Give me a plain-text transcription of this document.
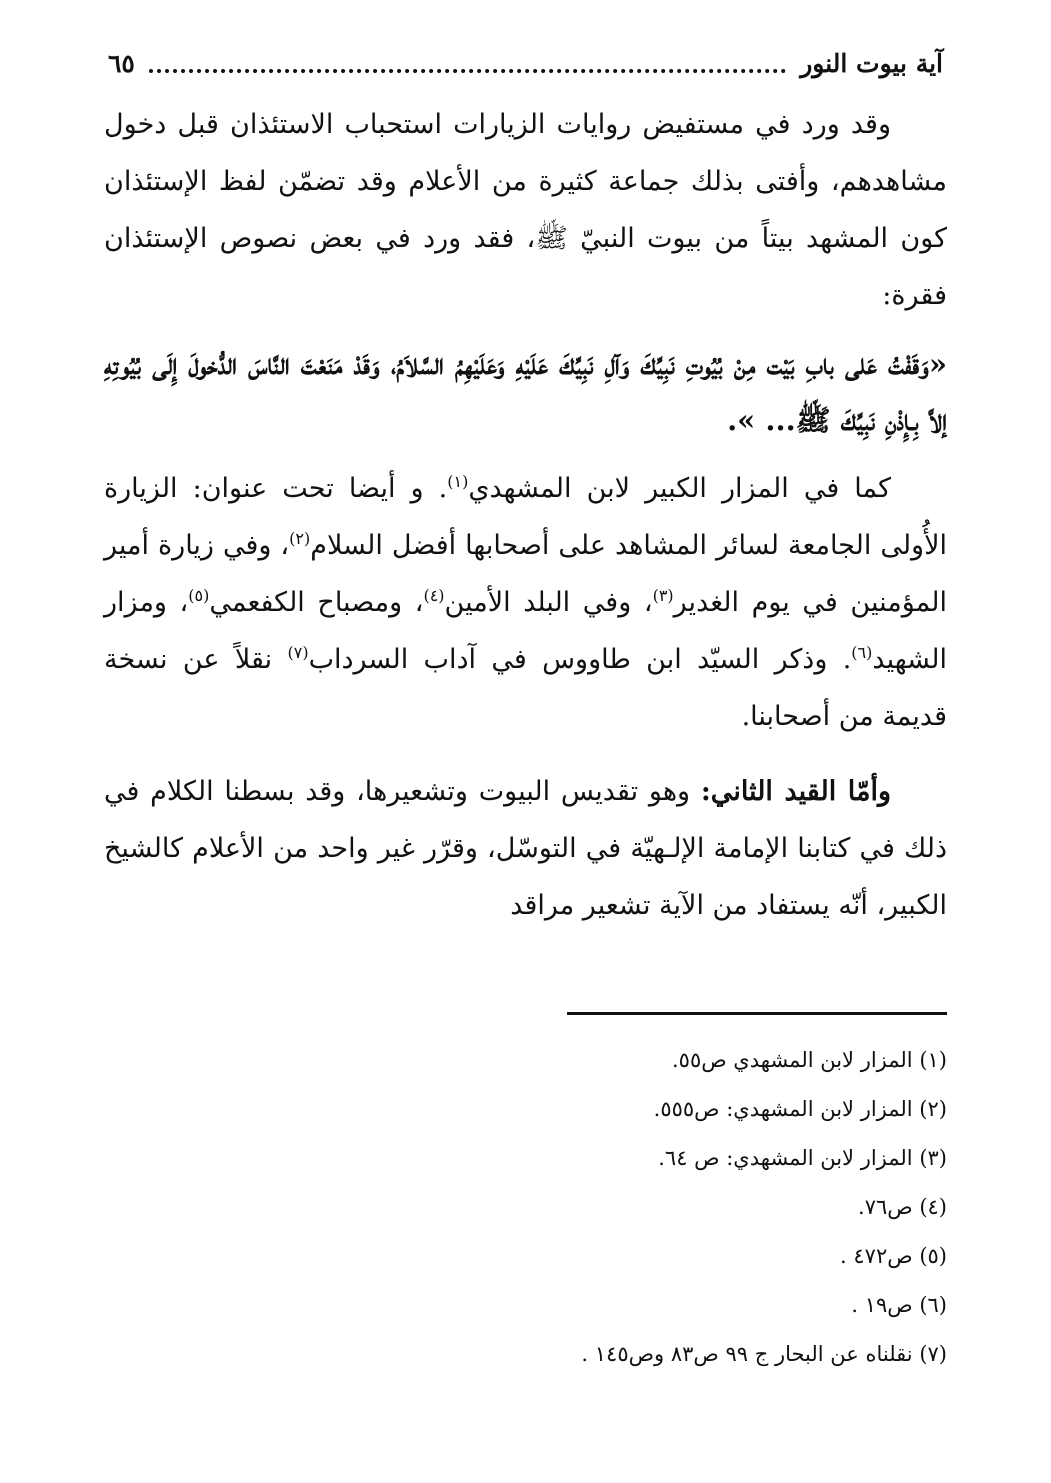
آية بيوت النور
٦٥

وقد ورد في مستفيض روايات الزيارات استحباب الاستئذان قبل دخول مشاهدهم، وأفتى بذلك جماعة كثيرة من الأعلام وقد تضمّن لفظ الإستئذان كون المشهد بيتاً من بيوت النبيّ ﷺ، فقد ورد في بعض نصوص الإستئذان فقرة:

«وَقَفْتُ عَلى بابِ بَيْت مِنْ بُيُوتِ نَبِيِّكَ وَآلِ نَبِيِّكَ عَلَيْهِ وَعَلَيْهِمُ السَّلاَمُ، وَقَدْ مَنَعْتَ النَّاسَ الدُّخولَ إِلَى بُيُوتِهِ إلاَّ بِـإِذْنِ نَبِيِّكَ ﷺ... ».

كما في المزار الكبير لابن المشهدي$^{(١)}$. و أيضا تحت عنوان: الزيارة الأُولى الجامعة لسائر المشاهد على أصحابها أفضل السلام$^{(٢)}$، وفي زيارة أمير المؤمنين في يوم الغدير$^{(٣)}$، وفي البلد الأمين$^{(٤)}$، ومصباح الكفعمي$^{(٥)}$، ومزار الشهيد$^{(٦)}$. وذكر السيّد ابن طاووس في آداب السرداب$^{(٧)}$ نقلاً عن نسخة قديمة من أصحابنا.

وأمّا القيد الثاني: وهو تقديس البيوت وتشعيرها، وقد بسطنا الكلام في ذلك في كتابنا الإمامة الإلـهيّة في التوسّل، وقرّر غير واحد من الأعلام كالشيخ الكبير، أنّه يستفاد من الآية تشعير مراقد

(١) المزار لابن المشهدي ص٥٥.
(٢) المزار لابن المشهدي: ص٥٥٥.
(٣) المزار لابن المشهدي: ص ٦٤.
(٤) ص٧٦.
(٥) ص٤٧٢ .
(٦) ص١٩ .
(٧) نقلناه عن البحار ج ٩٩ ص٨٣ وص١٤٥ .
